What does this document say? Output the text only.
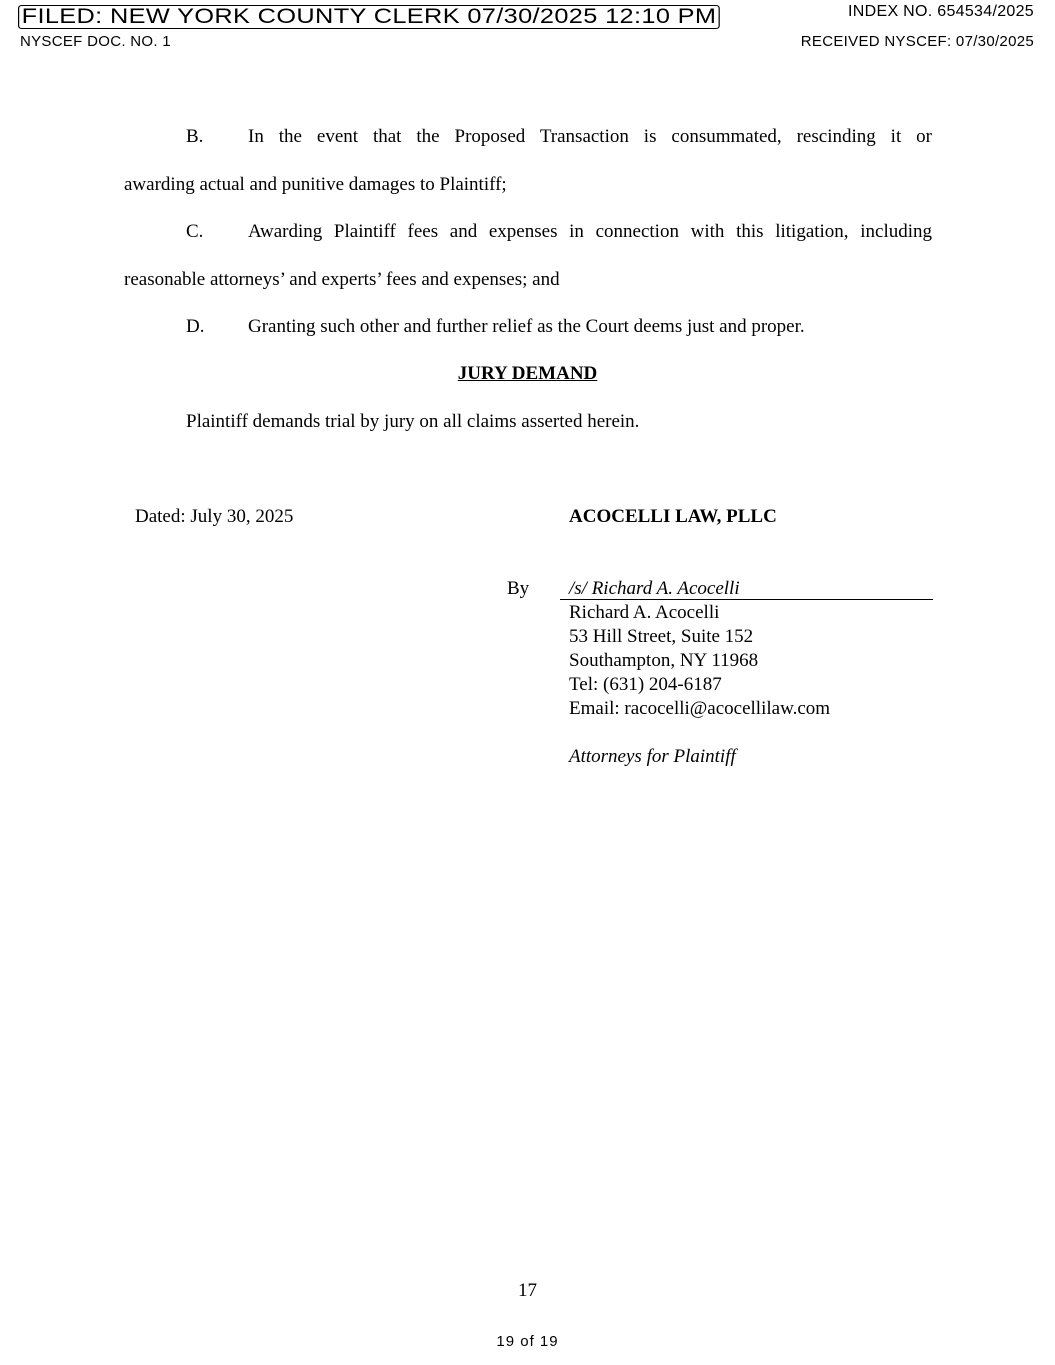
FILED: NEW YORK COUNTY CLERK 07/30/2025 12:10 PM	INDEX NO. 654534/2025
NYSCEF DOC. NO. 1	RECEIVED NYSCEF: 07/30/2025
B. In the event that the Proposed Transaction is consummated, rescinding it or
awarding actual and punitive damages to Plaintiff;
C. Awarding Plaintiff fees and expenses in connection with this litigation, including
reasonable attorneys’ and experts’ fees and expenses; and
D. Granting such other and further relief as the Court deems just and proper.
JURY DEMAND
Plaintiff demands trial by jury on all claims asserted herein.
Dated: July 30, 2025	ACOCELLI LAW, PLLC
By /s/ Richard A. Acocelli
Richard A. Acocelli
53 Hill Street, Suite 152
Southampton, NY 11968
Tel: (631) 204-6187
Email: racocelli@acocellilaw.com
Attorneys for Plaintiff
17
19 of 19
